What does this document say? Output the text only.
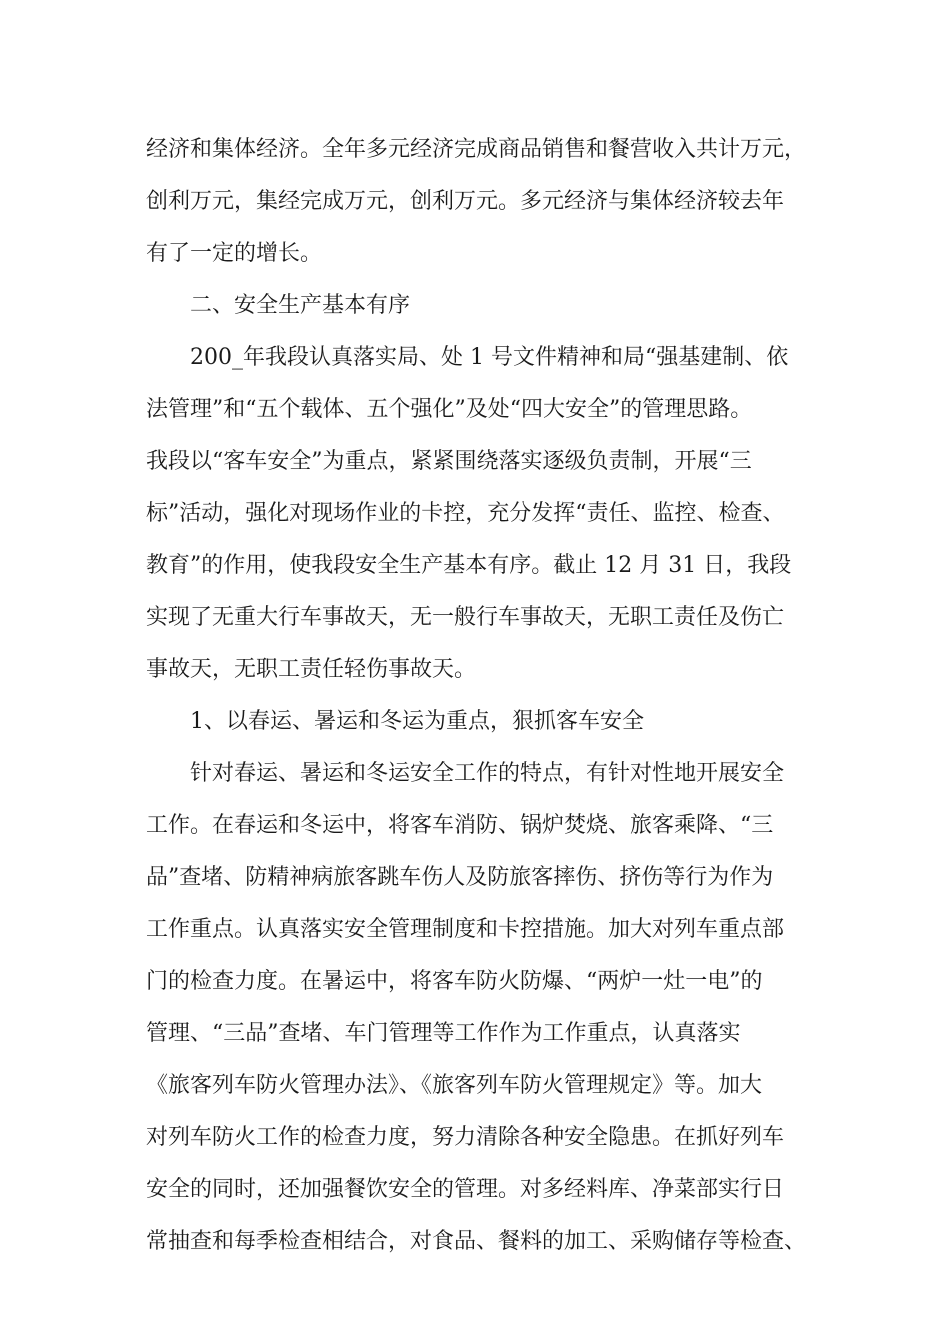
经济和集体经济。全年多元经济完成商品销售和餐营收入共计万元，
创利万元，集经完成万元，创利万元。多元经济与集体经济较去年
有了一定的增长。
二、安全生产基本有序
200_年我段认真落实局、处 1 号文件精神和局“强基建制、依
法管理”和“五个载体、五个强化”及处“四大安全”的管理思路。
我段以“客车安全”为重点，紧紧围绕落实逐级负责制，开展“三
标”活动，强化对现场作业的卡控，充分发挥“责任、监控、检查、
教育”的作用，使我段安全生产基本有序。截止 12 月 31 日，我段
实现了无重大行车事故天，无一般行车事故天，无职工责任及伤亡
事故天，无职工责任轻伤事故天。
1、以春运、暑运和冬运为重点，狠抓客车安全
针对春运、暑运和冬运安全工作的特点，有针对性地开展安全
工作。在春运和冬运中，将客车消防、锅炉焚烧、旅客乘降、“三
品”查堵、防精神病旅客跳车伤人及防旅客摔伤、挤伤等行为作为
工作重点。认真落实安全管理制度和卡控措施。加大对列车重点部
门的检查力度。在暑运中，将客车防火防爆、“两炉一灶一电”的
管理、“三品”查堵、车门管理等工作作为工作重点，认真落实
《旅客列车防火管理办法》、《旅客列车防火管理规定》等。加大
对列车防火工作的检查力度，努力清除各种安全隐患。在抓好列车
安全的同时，还加强餐饮安全的管理。对多经料库、净菜部实行日
常抽查和每季检查相结合，对食品、餐料的加工、采购储存等检查、
